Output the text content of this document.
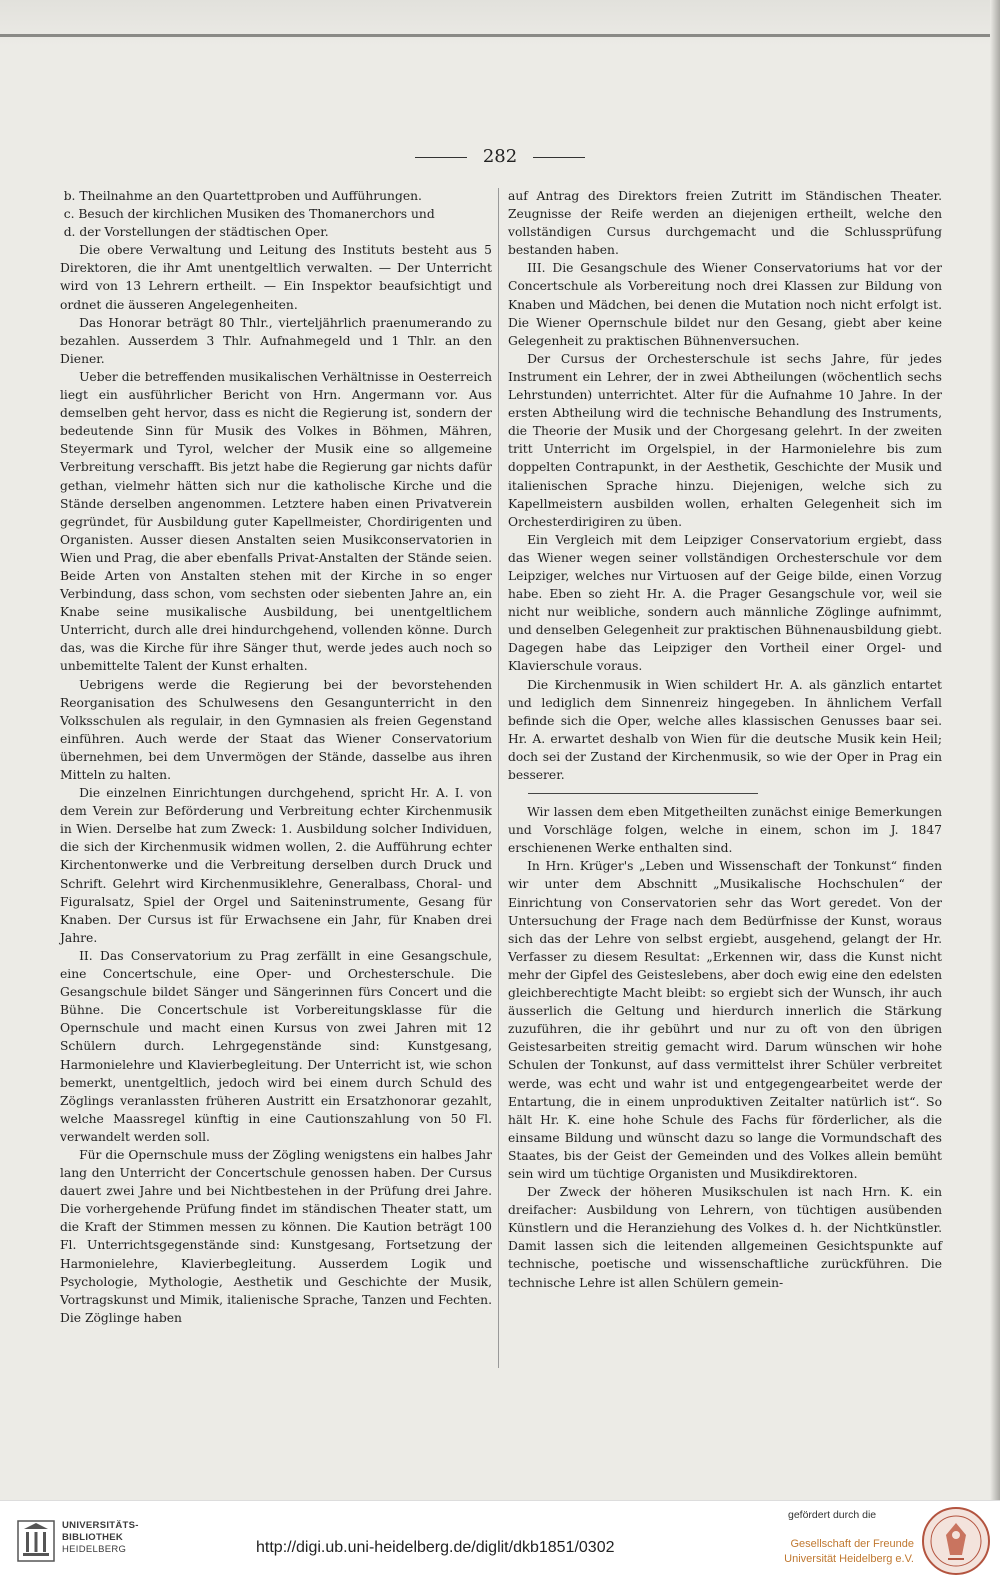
282

b. Theilnahme an den Quartettproben und Aufführungen.

c. Besuch der kirchlichen Musiken des Thomanerchors und

d. der Vorstellungen der städtischen Oper.

Die obere Verwaltung und Leitung des Instituts besteht aus 5 Direktoren, die ihr Amt unentgeltlich verwalten. — Der Unterricht wird von 13 Lehrern ertheilt. — Ein Inspektor beaufsichtigt und ordnet die äusseren Angelegenheiten.

Das Honorar beträgt 80 Thlr., vierteljährlich praenumerando zu bezahlen. Ausserdem 3 Thlr. Aufnahmegeld und 1 Thlr. an den Diener.

Ueber die betreffenden musikalischen Verhältnisse in Oesterreich liegt ein ausführlicher Bericht von Hrn. Angermann vor. Aus demselben geht hervor, dass es nicht die Regierung ist, sondern der bedeutende Sinn für Musik des Volkes in Böhmen, Mähren, Steyermark und Tyrol, welcher der Musik eine so allgemeine Verbreitung verschafft. Bis jetzt habe die Regierung gar nichts dafür gethan, vielmehr hätten sich nur die katholische Kirche und die Stände derselben angenommen. Letztere haben einen Privatverein gegründet, für Ausbildung guter Kapellmeister, Chordirigenten und Organisten. Ausser diesen Anstalten seien Musikconservatorien in Wien und Prag, die aber ebenfalls Privat-Anstalten der Stände seien. Beide Arten von Anstalten stehen mit der Kirche in so enger Verbindung, dass schon, vom sechsten oder siebenten Jahre an, ein Knabe seine musikalische Ausbildung, bei unentgeltlichem Unterricht, durch alle drei hindurchgehend, vollenden könne. Durch das, was die Kirche für ihre Sänger thut, werde jedes auch noch so unbemittelte Talent der Kunst erhalten.

Uebrigens werde die Regierung bei der bevorstehenden Reorganisation des Schulwesens den Gesangunterricht in den Volksschulen als regulair, in den Gymnasien als freien Gegenstand einführen. Auch werde der Staat das Wiener Conservatorium übernehmen, bei dem Unvermögen der Stände, dasselbe aus ihren Mitteln zu halten.

Die einzelnen Einrichtungen durchgehend, spricht Hr. A. I. von dem Verein zur Beförderung und Verbreitung echter Kirchenmusik in Wien. Derselbe hat zum Zweck: 1. Ausbildung solcher Individuen, die sich der Kirchenmusik widmen wollen, 2. die Aufführung echter Kirchentonwerke und die Verbreitung derselben durch Druck und Schrift. Gelehrt wird Kirchenmusiklehre, Generalbass, Choral- und Figuralsatz, Spiel der Orgel und Saiteninstrumente, Gesang für Knaben. Der Cursus ist für Erwachsene ein Jahr, für Knaben drei Jahre.

II. Das Conservatorium zu Prag zerfällt in eine Gesangschule, eine Concertschule, eine Oper- und Orchesterschule. Die Gesangschule bildet Sänger und Sängerinnen fürs Concert und die Bühne. Die Concertschule ist Vorbereitungsklasse für die Opernschule und macht einen Kursus von zwei Jahren mit 12 Schülern durch. Lehrgegenstände sind: Kunstgesang, Harmonielehre und Klavierbegleitung. Der Unterricht ist, wie schon bemerkt, unentgeltlich, jedoch wird bei einem durch Schuld des Zöglings veranlassten früheren Austritt ein Ersatzhonorar gezahlt, welche Maassregel künftig in eine Cautionszahlung von 50 Fl. verwandelt werden soll.

Für die Opernschule muss der Zögling wenigstens ein halbes Jahr lang den Unterricht der Concertschule genossen haben. Der Cursus dauert zwei Jahre und bei Nichtbestehen in der Prüfung drei Jahre. Die vorhergehende Prüfung findet im ständischen Theater statt, um die Kraft der Stimmen messen zu können. Die Kaution beträgt 100 Fl. Unterrichtsgegenstände sind: Kunstgesang, Fortsetzung der Harmonielehre, Klavierbegleitung. Ausserdem Logik und Psychologie, Mythologie, Aesthetik und Geschichte der Musik, Vortragskunst und Mimik, italienische Sprache, Tanzen und Fechten. Die Zöglinge haben

auf Antrag des Direktors freien Zutritt im Ständischen Theater. Zeugnisse der Reife werden an diejenigen ertheilt, welche den vollständigen Cursus durchgemacht und die Schlussprüfung bestanden haben.

III. Die Gesangschule des Wiener Conservatoriums hat vor der Concertschule als Vorbereitung noch drei Klassen zur Bildung von Knaben und Mädchen, bei denen die Mutation noch nicht erfolgt ist. Die Wiener Opernschule bildet nur den Gesang, giebt aber keine Gelegenheit zu praktischen Bühnenversuchen.

Der Cursus der Orchesterschule ist sechs Jahre, für jedes Instrument ein Lehrer, der in zwei Abtheilungen (wöchentlich sechs Lehrstunden) unterrichtet. Alter für die Aufnahme 10 Jahre. In der ersten Abtheilung wird die technische Behandlung des Instruments, die Theorie der Musik und der Chorgesang gelehrt. In der zweiten tritt Unterricht im Orgelspiel, in der Harmonielehre bis zum doppelten Contrapunkt, in der Aesthetik, Geschichte der Musik und italienischen Sprache hinzu. Diejenigen, welche sich zu Kapellmeistern ausbilden wollen, erhalten Gelegenheit sich im Orchesterdirigiren zu üben.

Ein Vergleich mit dem Leipziger Conservatorium ergiebt, dass das Wiener wegen seiner vollständigen Orchesterschule vor dem Leipziger, welches nur Virtuosen auf der Geige bilde, einen Vorzug habe. Eben so zieht Hr. A. die Prager Gesangschule vor, weil sie nicht nur weibliche, sondern auch männliche Zöglinge aufnimmt, und denselben Gelegenheit zur praktischen Bühnenausbildung giebt. Dagegen habe das Leipziger den Vortheil einer Orgel- und Klavierschule voraus.

Die Kirchenmusik in Wien schildert Hr. A. als gänzlich entartet und lediglich dem Sinnenreiz hingegeben. In ähnlichem Verfall befinde sich die Oper, welche alles klassischen Genusses baar sei. Hr. A. erwartet deshalb von Wien für die deutsche Musik kein Heil; doch sei der Zustand der Kirchenmusik, so wie der Oper in Prag ein besserer.

Wir lassen dem eben Mitgetheilten zunächst einige Bemerkungen und Vorschläge folgen, welche in einem, schon im J. 1847 erschienenen Werke enthalten sind.

In Hrn. Krüger's „Leben und Wissenschaft der Tonkunst“ finden wir unter dem Abschnitt „Musikalische Hochschulen“ der Einrichtung von Conservatorien sehr das Wort geredet. Von der Untersuchung der Frage nach dem Bedürfnisse der Kunst, woraus sich das der Lehre von selbst ergiebt, ausgehend, gelangt der Hr. Verfasser zu diesem Resultat: „Erkennen wir, dass die Kunst nicht mehr der Gipfel des Geisteslebens, aber doch ewig eine den edelsten gleichberechtigte Macht bleibt: so ergiebt sich der Wunsch, ihr auch äusserlich die Geltung und hierdurch innerlich die Stärkung zuzuführen, die ihr gebührt und nur zu oft von den übrigen Geistesarbeiten streitig gemacht wird. Darum wünschen wir hohe Schulen der Tonkunst, auf dass vermittelst ihrer Schüler verbreitet werde, was echt und wahr ist und entgegengearbeitet werde der Entartung, die in einem unproduktiven Zeitalter natürlich ist“. So hält Hr. K. eine hohe Schule des Fachs für förderlicher, als die einsame Bildung und wünscht dazu so lange die Vormundschaft des Staates, bis der Geist der Gemeinden und des Volkes allein bemüht sein wird um tüchtige Organisten und Musikdirektoren.

Der Zweck der höheren Musikschulen ist nach Hrn. K. ein dreifacher: Ausbildung von Lehrern, von tüchtigen ausübenden Künstlern und die Heranziehung des Volkes d. h. der Nichtkünstler. Damit lassen sich die leitenden allgemeinen Gesichtspunkte auf technische, poetische und wissenschaftliche zurückführen. Die technische Lehre ist allen Schülern gemein-

UNIVERSITÄTS-
BIBLIOTHEK
HEIDELBERG	http://digi.ub.uni-heidelberg.de/diglit/dkb1851/0302
gefördert durch die
Gesellschaft der Freunde
Universität Heidelberg e.V.
